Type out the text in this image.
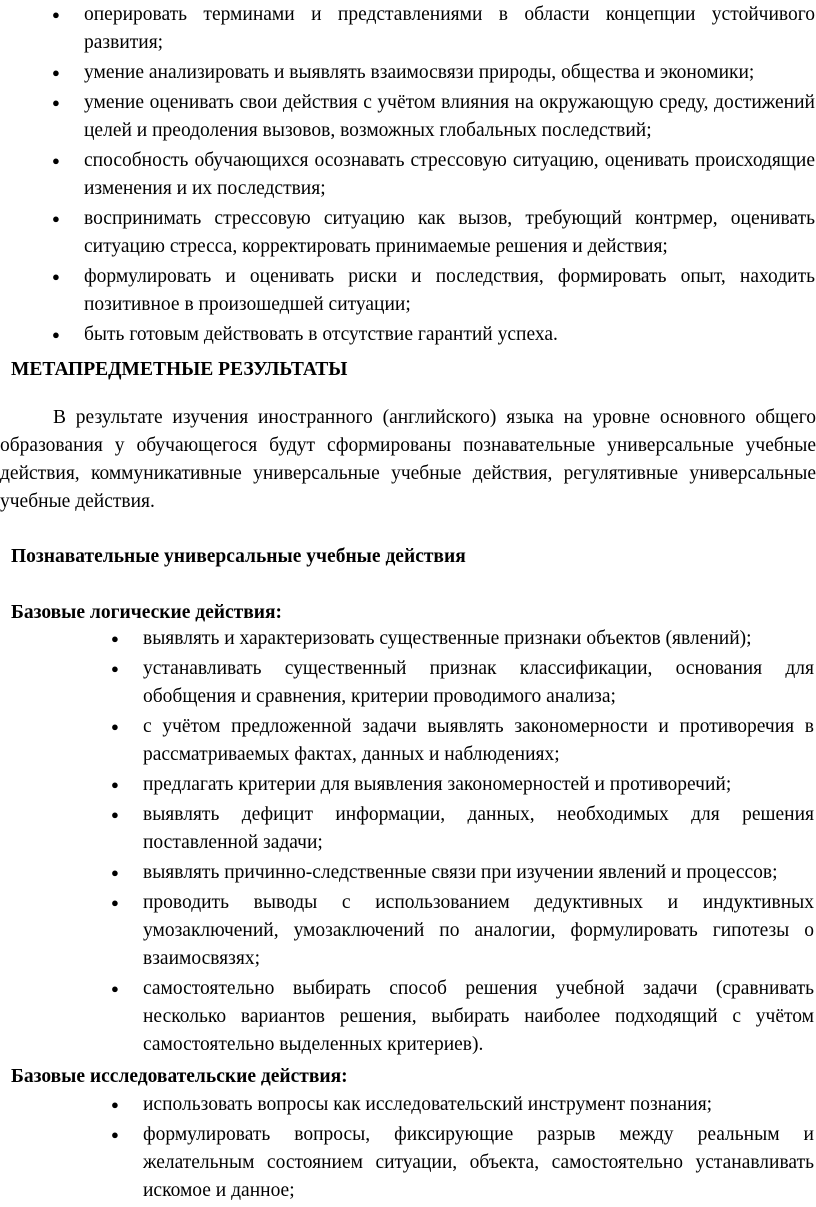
● оперировать терминами и представлениями в области концепции устойчивого развития;
● умение анализировать и выявлять взаимосвязи природы, общества и экономики;
● умение оценивать свои действия с учётом влияния на окружающую среду, достижений целей и преодоления вызовов, возможных глобальных последствий;
● способность обучающихся осознавать стрессовую ситуацию, оценивать происходящие изменения и их последствия;
● воспринимать стрессовую ситуацию как вызов, требующий контрмер, оценивать ситуацию стресса, корректировать принимаемые решения и действия;
● формулировать и оценивать риски и последствия, формировать опыт, находить позитивное в произошедшей ситуации;
● быть готовым действовать в отсутствие гарантий успеха.
МЕТАПРЕДМЕТНЫЕ РЕЗУЛЬТАТЫ

В результате изучения иностранного (английского) языка на уровне основного общего образования у обучающегося будут сформированы познавательные универсальные учебные действия, коммуникативные универсальные учебные действия, регулятивные универсальные учебные действия.

Познавательные универсальные учебные действия
Базовые логические действия:
● выявлять и характеризовать существенные признаки объектов (явлений);
● устанавливать существенный признак классификации, основания для обобщения и сравнения, критерии проводимого анализа;
● с учётом предложенной задачи выявлять закономерности и противоречия в рассматриваемых фактах, данных и наблюдениях;
● предлагать критерии для выявления закономерностей и противоречий;
● выявлять дефицит информации, данных, необходимых для решения поставленной задачи;
● выявлять причинно-следственные связи при изучении явлений и процессов;
● проводить выводы с использованием дедуктивных и индуктивных умозаключений, умозаключений по аналогии, формулировать гипотезы о взаимосвязях;
● самостоятельно выбирать способ решения учебной задачи (сравнивать несколько вариантов решения, выбирать наиболее подходящий с учётом самостоятельно выделенных критериев).
Базовые исследовательские действия:
● использовать вопросы как исследовательский инструмент познания;
● формулировать вопросы, фиксирующие разрыв между реальным и желательным состоянием ситуации, объекта, самостоятельно устанавливать искомое и данное;
